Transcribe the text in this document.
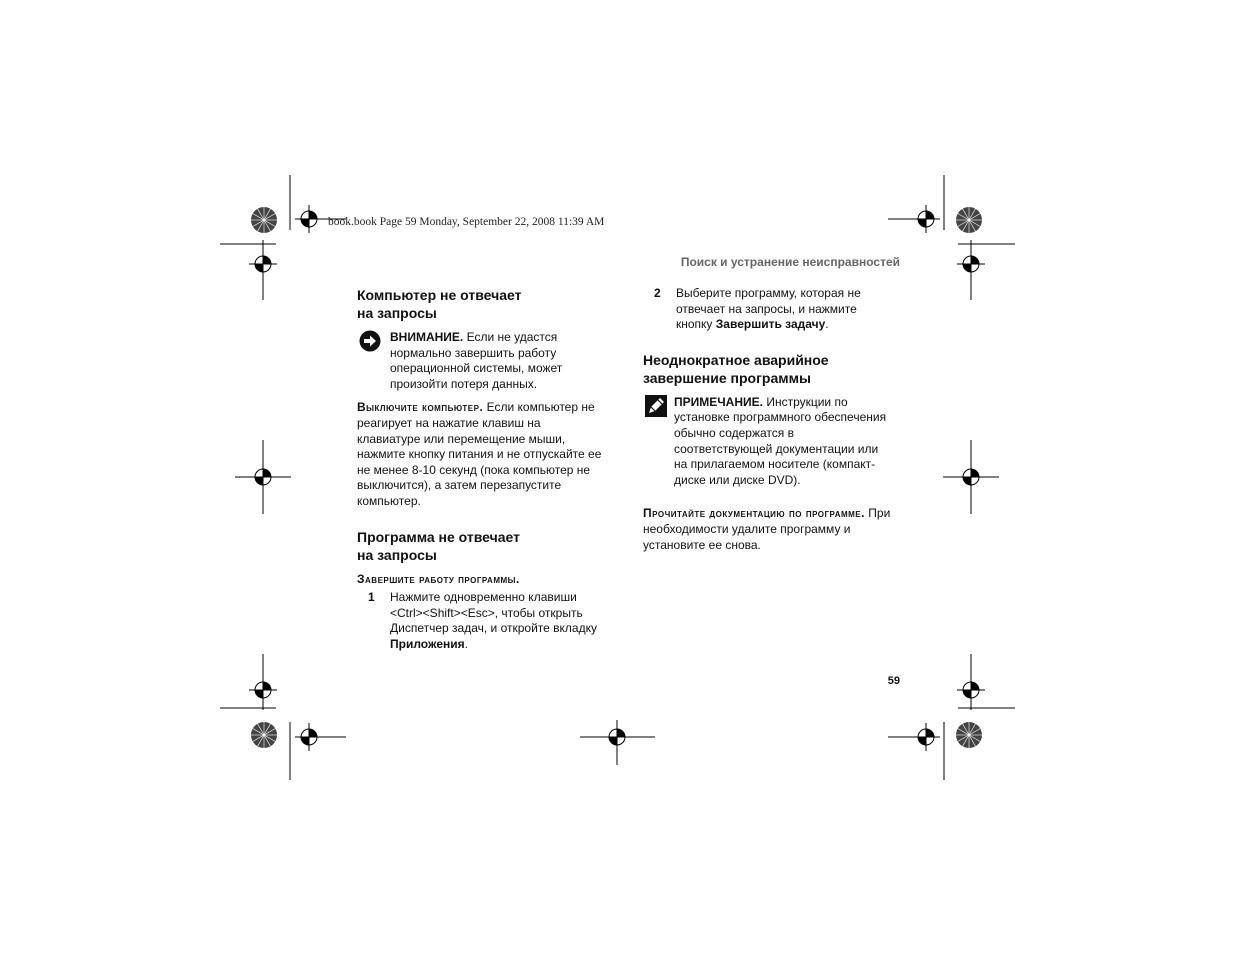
book.book Page 59 Monday, September 22, 2008 11:39 AM
Поиск и устранение неисправностей
Компьютер не отвечает
на запросы

ВНИМАНИЕ. Если не удастся нормально завершить работу операционной системы, может произойти потеря данных.

Выключите компьютер. Если компьютер не реагирует на нажатие клавиш на клавиатуре или перемещение мыши, нажмите кнопку питания и не отпускайте ее не менее 8-10 секунд (пока компьютер не выключится), а затем перезапустите компьютер.

Программа не отвечает
на запросы

Завершите работу программы.

1 Нажмите одновременно клавиши <Ctrl><Shift><Esc>, чтобы открыть Диспетчер задач, и откройте вкладку Приложения.

2 Выберите программу, которая не отвечает на запросы, и нажмите кнопку Завершить задачу.

Неоднократное аварийное
завершение программы

ПРИМЕЧАНИЕ. Инструкции по установке программного обеспечения обычно содержатся в соответствующей документации или на прилагаемом носителе (компакт-диске или диске DVD).

Прочитайте документацию по программе. При необходимости удалите программу и установите ее снова.

59
